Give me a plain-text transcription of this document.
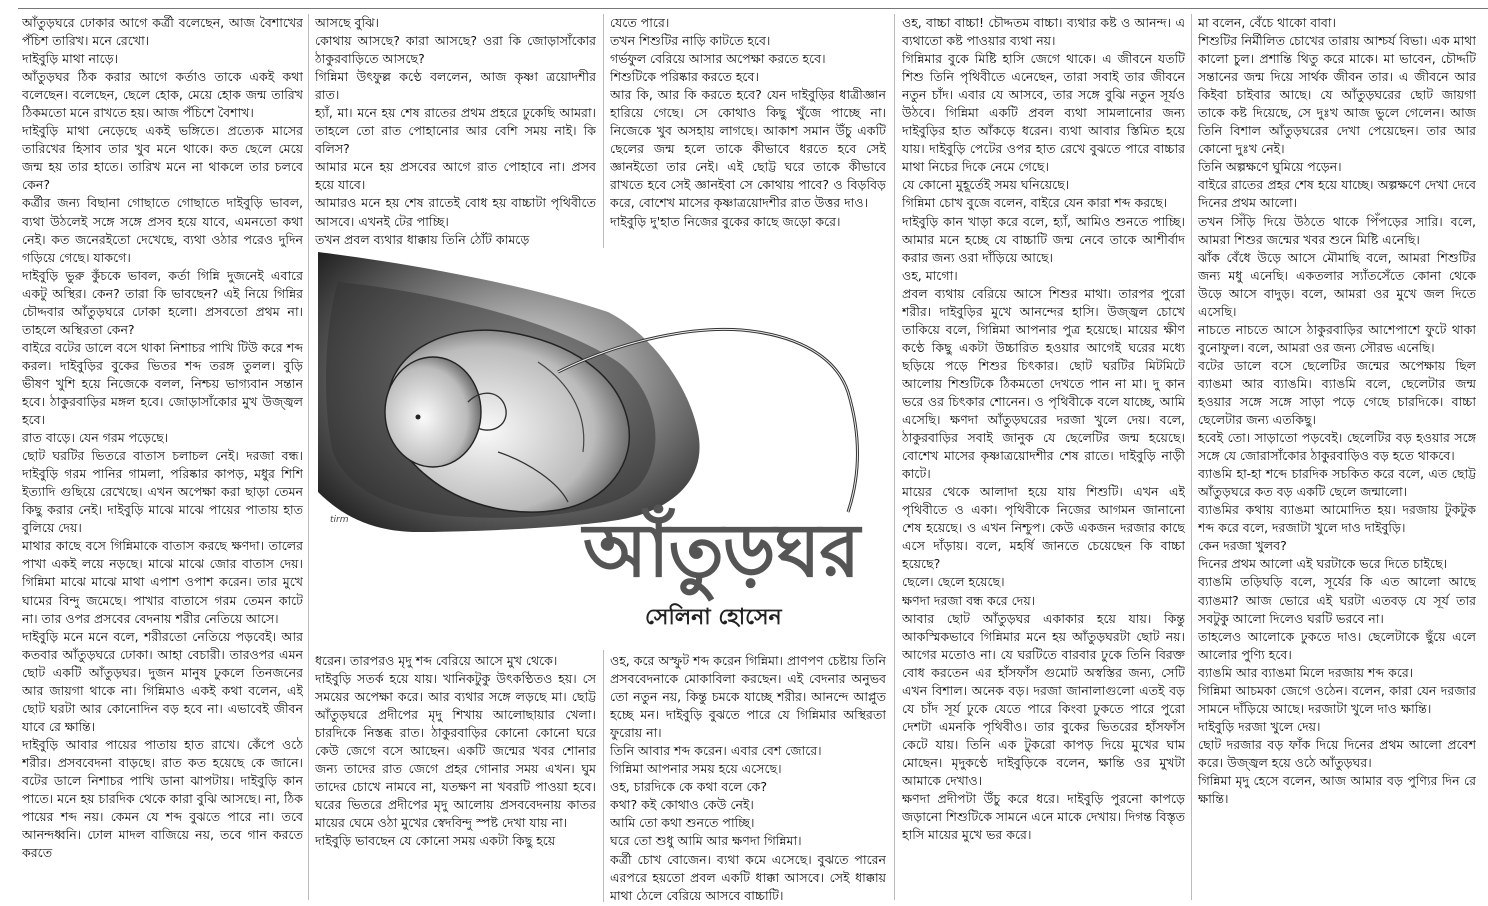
আঁতুড়ঘরে ঢোকার আগে কর্ত্রী বলেছেন, আজ বৈশাখের পঁচিশ তারিখ। মনে রেখো।

দাইবুড়ি মাথা নাড়ে।

আঁতুড়ঘর ঠিক করার আগে কর্তাও তাকে একই কথা বলেছেন। বলেছেন, ছেলে হোক, মেয়ে হোক জন্ম তারিখ ঠিকমতো মনে রাখতে হয়। আজ পঁচিশে বৈশাখ।

দাইবুড়ি মাথা নেড়েছে একই ভঙ্গিতে। প্রত্যেক মাসের তারিখের হিসাব তার খুব মনে থাকে। কত ছেলে মেয়ে জন্ম হয় তার হাতে। তারিখ মনে না থাকলে তার চলবে কেন?

কর্ত্রীর জন্য বিছানা গোছাতে গোছাতে দাইবুড়ি ভাবল, ব্যথা উঠলেই সঙ্গে সঙ্গে প্রসব হয়ে যাবে, এমনতো কথা নেই। কত জনেরইতো দেখেছে, ব্যথা ওঠার পরেও দুদিন গড়িয়ে গেছে। যাকগে।

দাইবুড়ি ভুরু কুঁচকে ভাবল, কর্তা গিন্নি দুজনেই এবারে একটু অস্থির। কেন? তারা কি ভাবছেন? এই নিয়ে গিন্নির চৌদ্দবার আঁতুড়ঘরে ঢোকা হলো। প্রসবতো প্রথম না। তাহলে অস্থিরতা কেন?

বাইরে বটের ডালে বসে থাকা নিশাচর পাখি টিউ করে শব্দ করল। দাইবুড়ির বুকের ভিতর শব্দ তরঙ্গ তুলল। বুড়ি ভীষণ খুশি হয়ে নিজেকে বলল, নিশ্চয় ভাগ্যবান সন্তান হবে। ঠাকুরবাড়ির মঙ্গল হবে। জোড়াসাঁকোর মুখ উজ্জ্বল হবে।

রাত বাড়ে। যেন গরম পড়েছে।

ছোট ঘরটির ভিতরে বাতাস চলাচল নেই। দরজা বন্ধ। দাইবুড়ি গরম পানির গামলা, পরিষ্কার কাপড়, মধুর শিশি ইত্যাদি গুছিয়ে রেখেছে। এখন অপেক্ষা করা ছাড়া তেমন কিছু করার নেই। দাইবুড়ি মাঝে মাঝে পায়ের পাতায় হাত বুলিয়ে দেয়।

মাথার কাছে বসে গিন্নিমাকে বাতাস করছে ক্ষণদা। তালের পাখা একই লয়ে নড়ছে। মাঝে মাঝে জোর বাতাস দেয়। গিন্নিমা মাঝে মাঝে মাথা এপাশ ওপাশ করেন। তার মুখে ঘামের বিন্দু জমেছে। পাখার বাতাসে গরম তেমন কাটে না। তার ওপর প্রসবের বেদনায় শরীর নেতিয়ে আসে।

দাইবুড়ি মনে মনে বলে, শরীরতো নেতিয়ে পড়বেই। আর কতবার আঁতুড়ঘরে ঢোকা। আহা বেচারী। তারওপর এমন ছোট একটি আঁতুড়ঘর। দুজন মানুষ ঢুকলে তিনজনের আর জায়গা থাকে না। গিন্নিমাও একই কথা বলেন, এই ছোট ঘরটা আর কোনোদিন বড় হবে না। এভাবেই জীবন যাবে রে ক্ষান্তি।

দাইবুড়ি আবার পায়ের পাতায় হাত রাখে। কেঁপে ওঠে শরীর। প্রসববেদনা বাড়ছে। রাত কত হয়েছে কে জানে। বটের ডালে নিশাচর পাখি ডানা ঝাপটায়। দাইবুড়ি কান পাতে। মনে হয় চারদিক থেকে কারা বুঝি আসছে। না, ঠিক পায়ের শব্দ নয়। কেমন যে শব্দ বুঝতে পারে না। তবে আনন্দধ্বনি। ঢোল মাদল বাজিয়ে নয়, তবে গান করতে করতে

আসছে বুঝি।

কোথায় আসছে? কারা আসছে? ওরা কি জোড়াসাঁকোর ঠাকুরবাড়িতে আসছে?

গিন্নিমা উৎফুল্ল কণ্ঠে বললেন, আজ কৃষ্ণা ত্রয়োদশীর রাত।

হ্যাঁ, মা। মনে হয় শেষ রাতের প্রথম প্রহরে ঢুকেছি আমরা। তাহলে তো রাত পোহানোর আর বেশি সময় নাই। কি বলিস?

আমার মনে হয় প্রসবের আগে রাত পোহাবে না। প্রসব হয়ে যাবে।

আমারও মনে হয় শেষ রাতেই বোধ হয় বাচ্চাটা পৃথিবীতে আসবে। এখনই টের পাচ্ছি।

তখন প্রবল ব্যথার ধাক্কায় তিনি ঠোঁট কামড়ে

যেতে পারে।

তখন শিশুটির নাড়ি কাটতে হবে।

গর্ভফুল বেরিয়ে আসার অপেক্ষা করতে হবে।

শিশুটিকে পরিষ্কার করতে হবে।

আর কি, আর কি করতে হবে? যেন দাইবুড়ির ধাত্রীজ্ঞান হারিয়ে গেছে। সে কোথাও কিছু খুঁজে পাচ্ছে না। নিজেকে খুব অসহায় লাগছে। আকাশ সমান উঁচু একটি ছেলের জন্ম হলে তাকে কীভাবে ধরতে হবে সেই জ্ঞানইতো তার নেই। এই ছোট্ট ঘরে তাকে কীভাবে রাখতে হবে সেই জ্ঞানইবা সে কোথায় পাবে? ও বিড়বিড় করে, বোশেখ মাসের কৃষ্ণাত্রয়োদশীর রাত উত্তর দাও।

দাইবুড়ি দু'হাত নিজের বুকের কাছে জড়ো করে।

ধরেন। তারপরও মৃদু শব্দ বেরিয়ে আসে মুখ থেকে।

দাইবুড়ি সতর্ক হয়ে যায়। খানিকটুকু উৎকণ্ঠিতও হয়। সে সময়ের অপেক্ষা করে। আর ব্যথার সঙ্গে লড়ছে মা। ছোট্ট আঁতুড়ঘরে প্রদীপের মৃদু শিখায় আলোছায়ার খেলা। চারদিকে নিস্তব্ধ রাত। ঠাকুরবাড়ির কোনো কোনো ঘরে কেউ জেগে বসে আছেন। একটি জন্মের খবর শোনার জন্য তাদের রাত জেগে প্রহর গোনার সময় এখন। ঘুম তাদের চোখে নামবে না, যতক্ষণ না খবরটি পাওয়া হবে। ঘরের ভিতরে প্রদীপের মৃদু আলোয় প্রসববেদনায় কাতর মায়ের ঘেমে ওঠা মুখের স্বেদবিন্দু স্পষ্ট দেখা যায় না।

দাইবুড়ি ভাবছেন যে কোনো সময় একটা কিছু হয়ে

ওহ, করে অস্ফুট শব্দ করেন গিন্নিমা। প্রাণপণ চেষ্টায় তিনি প্রসববেদনাকে মোকাবিলা করছেন। এই বেদনার অনুভব তো নতুন নয়, কিন্তু চমকে যাচ্ছে শরীর। আনন্দে আপ্লুত হচ্ছে মন। দাইবুড়ি বুঝতে পারে যে গিন্নিমার অস্থিরতা ফুরোয় না।

তিনি আবার শব্দ করেন। এবার বেশ জোরে।

গিন্নিমা আপনার সময় হয়ে এসেছে।

ওহ, চারদিকে কে কথা বলে কে?

কথা? কই কোথাও কেউ নেই।

আমি তো কথা শুনতে পাচ্ছি।

ঘরে তো শুধু আমি আর ক্ষণদা গিন্নিমা।

কর্ত্রী চোখ বোজেন। ব্যথা কমে এসেছে। বুঝতে পারেন এরপরে হয়তো প্রবল একটি ধাক্কা আসবে। সেই ধাক্কায় মাথা ঠেলে বেরিয়ে আসবে বাচ্চাটি।

ওহ, বাচ্চা বাচ্চা! চৌদ্দতম বাচ্চা। ব্যথার কষ্ট ও আনন্দ। এ ব্যথাতো কষ্ট পাওয়ার ব্যথা নয়।

গিন্নিমার বুকে মিষ্টি হাসি জেগে থাকে। এ জীবনে যতটি শিশু তিনি পৃথিবীতে এনেছেন, তারা সবাই তার জীবনে নতুন চাঁদ। এবার যে আসবে, তার সঙ্গে বুঝি নতুন সূর্যও উঠবে। গিন্নিমা একটি প্রবল ব্যথা সামলানোর জন্য দাইবুড়ির হাত আঁকড়ে ধরেন। ব্যথা আবার স্তিমিত হয়ে যায়। দাইবুড়ি পেটের ওপর হাত রেখে বুঝতে পারে বাচ্চার মাথা নিচের দিকে নেমে গেছে।

যে কোনো মুহূর্তেই সময় ঘনিয়েছে।

গিন্নিমা চোখ বুজে বলেন, বাইরে যেন কারা শব্দ করছে।

দাইবুড়ি কান খাড়া করে বলে, হ্যাঁ, আমিও শুনতে পাচ্ছি। আমার মনে হচ্ছে যে বাচ্চাটি জন্ম নেবে তাকে আশীর্বাদ করার জন্য ওরা দাঁড়িয়ে আছে।

ওহ, মাগো।

প্রবল ব্যথায় বেরিয়ে আসে শিশুর মাথা। তারপর পুরো শরীর। দাইবুড়ির মুখে আনন্দের হাসি। উজ্জ্বল চোখে তাকিয়ে বলে, গিন্নিমা আপনার পুত্র হয়েছে। মায়ের ক্ষীণ কণ্ঠে কিছু একটা উচ্চারিত হওয়ার আগেই ঘরের মধ্যে ছড়িয়ে পড়ে শিশুর চিৎকার। ছোট ঘরটির মিটমিটে আলোয় শিশুটিকে ঠিকমতো দেখতে পান না মা। দু কান ভরে ওর চিৎকার শোনেন। ও পৃথিবীকে বলে যাচ্ছে, আমি এসেছি। ক্ষণদা আঁতুড়ঘরের দরজা খুলে দেয়। বলে, ঠাকুরবাড়ির সবাই জানুক যে ছেলেটির জন্ম হয়েছে। বোশেখ মাসের কৃষ্ণাত্রয়োদশীর শেষ রাতে। দাইবুড়ি নাড়ী কাটে।

মায়ের থেকে আলাদা হয়ে যায় শিশুটি। এখন এই পৃথিবীতে ও একা। পৃথিবীকে নিজের আগমন জানানো শেষ হয়েছে। ও এখন নিশ্চুপ। কেউ একজন দরজার কাছে এসে দাঁড়ায়। বলে, মহর্ষি জানতে চেয়েছেন কি বাচ্চা হয়েছে?

ছেলে। ছেলে হয়েছে।

ক্ষণদা দরজা বন্ধ করে দেয়।

আবার ছোট আঁতুড়ঘর একাকার হয়ে যায়। কিন্তু আকস্মিকভাবে গিন্নিমার মনে হয় আঁতুড়ঘরটা ছোট নয়। আগের মতোও না। যে ঘরটিতে বারবার ঢুকে তিনি বিরক্ত বোধ করতেন এর হাঁসফাঁস গুমোট অস্বস্তির জন্য, সেটি এখন বিশাল। অনেক বড়। দরজা জানালাগুলো এতই বড় যে চাঁদ সূর্য ঢুকে যেতে পারে কিংবা ঢুকতে পারে পুরো দেশটা এমনকি পৃথিবীও। তার বুকের ভিতরের হাঁসফাঁস কেটে যায়। তিনি এক টুকরো কাপড় দিয়ে মুখের ঘাম মোছেন। মৃদুকণ্ঠে দাইবুড়িকে বলেন, ক্ষান্তি ওর মুখটা আমাকে দেখাও।

ক্ষণদা প্রদীপটা উঁচু করে ধরে। দাইবুড়ি পুরনো কাপড়ে জড়ানো শিশুটিকে সামনে এনে মাকে দেখায়। দিগন্ত বিস্তৃত হাসি মায়ের মুখে ভর করে।

মা বলেন, বেঁচে থাকো বাবা।

শিশুটির নির্মীলিত চোখের তারায় আশ্চর্য বিভা। এক মাথা কালো চুল। প্রশান্তি থিতু করে মাকে। মা ভাবেন, চৌদ্দটি সন্তানের জন্ম দিয়ে সার্থক জীবন তার। এ জীবনে আর কিইবা চাইবার আছে। যে আঁতুড়ঘরের ছোট জায়গা তাকে কষ্ট দিয়েছে, সে দুঃখ আজ ভুলে গেলেন। আজ তিনি বিশাল আঁতুড়ঘরের দেখা পেয়েছেন। তার আর কোনো দুঃখ নেই।

তিনি অল্পক্ষণে ঘুমিয়ে পড়েন।

বাইরে রাতের প্রহর শেষ হয়ে যাচ্ছে। অল্পক্ষণে দেখা দেবে দিনের প্রথম আলো।

তখন সিঁড়ি দিয়ে উঠতে থাকে পিঁপড়ের সারি। বলে, আমরা শিশুর জন্মের খবর শুনে মিষ্টি এনেছি।

ঝাঁক বেঁধে উড়ে আসে মৌমাছি বলে, আমরা শিশুটির জন্য মধু এনেছি। একতলার স্যাঁতসেঁতে কোনা থেকে উড়ে আসে বাদুড়। বলে, আমরা ওর মুখে জল দিতে এসেছি।

নাচতে নাচতে আসে ঠাকুরবাড়ির আশেপাশে ফুটে থাকা বুনোফুল। বলে, আমরা ওর জন্য সৌরভ এনেছি।

বটের ডালে বসে ছেলেটির জন্মের অপেক্ষায় ছিল ব্যাঙমা আর ব্যাঙমি। ব্যাঙমি বলে, ছেলেটার জন্ম হওয়ার সঙ্গে সঙ্গে সাড়া পড়ে গেছে চারদিকে। বাচ্চা ছেলেটার জন্য এতকিছু।

হবেই তো। সাড়াতো পড়বেই। ছেলেটির বড় হওয়ার সঙ্গে সঙ্গে যে জোরাসাঁকোর ঠাকুরবাড়িও বড় হতে থাকবে।

ব্যাঙমি হা-হা শব্দে চারদিক সচকিত করে বলে, এত ছোট্ট আঁতুড়ঘরে কত বড় একটি ছেলে জন্মালো।

ব্যাঙমির কথায় ব্যাঙমা আমোদিত হয়। দরজায় টুকটুক শব্দ করে বলে, দরজাটা খুলে দাও দাইবুড়ি।

কেন দরজা খুলব?

দিনের প্রথম আলো এই ঘরটাকে ভরে দিতে চাইছে।

ব্যাঙমি তড়িঘড়ি বলে, সূর্যের কি এত আলো আছে ব্যাঙমা? আজ ভোরে এই ঘরটা এতবড় যে সূর্য তার সবটুকু আলো দিলেও ঘরটি ভরবে না।

তাহলেও আলোকে ঢুকতে দাও। ছেলেটাকে ছুঁয়ে এলে আলোর পুণ্যি হবে।

ব্যাঙমি আর ব্যাঙমা মিলে দরজায় শব্দ করে।

গিন্নিমা আচমকা জেগে ওঠেন। বলেন, কারা যেন দরজার সামনে দাঁড়িয়ে আছে। দরজাটা খুলে দাও ক্ষান্তি।

দাইবুড়ি দরজা খুলে দেয়।

ছোট দরজার বড় ফাঁক দিয়ে দিনের প্রথম আলো প্রবেশ করে। উজ্জ্বল হয়ে ওঠে আঁতুড়ঘর।

গিন্নিমা মৃদু হেসে বলেন, আজ আমার বড় পুণ্যির দিন রে ক্ষান্তি।

tirm	আঁতুড়ঘর
সেলিনা হোসেন
